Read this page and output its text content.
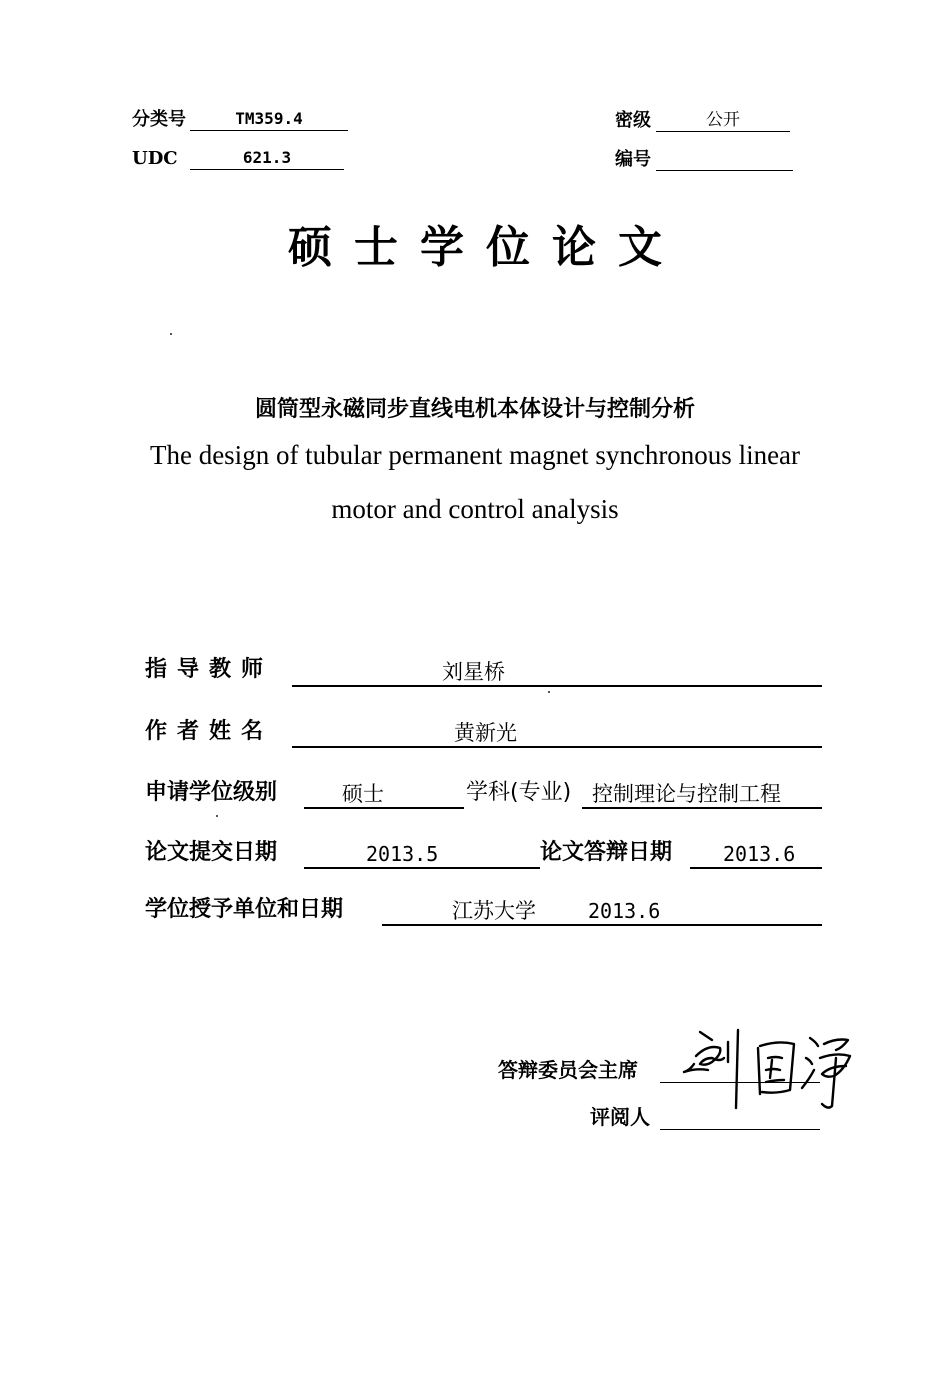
分类号	TM359.4
UDC	621.3
密级	公开
编号
硕士学位论文
圆筒型永磁同步直线电机本体设计与控制分析
The design of tubular permanent magnet synchronous linear
motor and control analysis
指导教师	刘星桥
作者姓名	黄新光
申请学位级别	硕士	学科(专业) 控制理论与控制工程
论文提交日期	2013.5	论文答辩日期	2013.6
学位授予单位和日期	江苏大学	2013.6
答辩委员会主席
评阅人
